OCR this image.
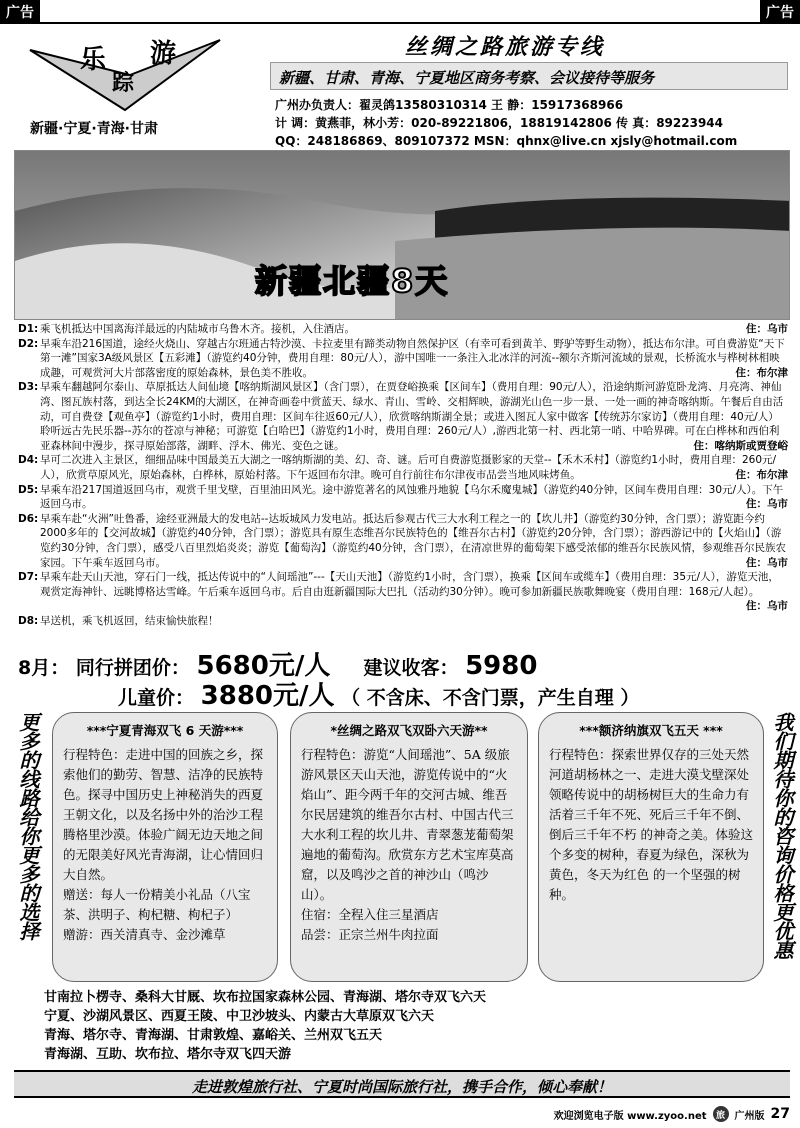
广告	广告
乐
踪
游
新疆·宁夏·青海·甘肃
丝绸之路旅游专线
新疆、甘肃、青海、宁夏地区商务考察、会议接待等服务
广州办负责人：翟灵鸽13580310314 王 静：15917368966
计 调：黄燕菲，林小芳：020-89221806，18819142806 传 真：89223944
QQ：248186869、809107372 MSN：qhnx@live.cn xjsly@hotmail.com
新疆北疆8天
D1: 乘飞机抵达中国离海洋最远的内陆城市乌鲁木齐。接机，入住酒店。	住：乌市
D2: 早乘车沿216国道，途经火烧山、穿越古尔班通古特沙漠、卡拉麦里有蹄类动物自然保护区（有幸可看到黄羊、野驴等野生动物），抵达布尔津。可自费游览“天下第一滩”国家3A级风景区【五彩滩】（游览约40分钟，费用自理：80元/人），游中国唯一一条注入北冰洋的河流--额尔齐斯河流域的景观，长桥流水与桦树林相映成趣，可观赏河大片部落密度的原始森林，景色美不胜收。	住：布尔津
D3: 早乘车翻越阿尔泰山、草原抵达人间仙境【喀纳斯湖风景区】（含门票），在贾登峪换乘【区间车】（费用自理：90元/人），沿途纳斯河游览卧龙湾、月亮湾、神仙湾、图瓦族村落，到达全长24KM的大湖区，在神奇画卷中赏蓝天、绿水、青山、雪岭、交相辉映，游湖光山色一步一景、一处一画的神奇喀纳斯。午餐后自由活动，可自费登【观鱼亭】（游览约1小时，费用自理：区间车往返60元/人），欣赏喀纳斯湖全景；或进入图瓦人家中做客【传统苏尔家访】（费用自理：40元/人）聆听远古先民乐器--苏尔的苍凉与神秘；可游览【白哈巴】（游览约1小时，费用自理：260元/人）,游西北第一村、西北第一哨、中哈界碑。可在白桦林和西伯利亚森林间中漫步，探寻原始部落，湖畔、浮木、佛光、变色之谜。	住：喀纳斯或贾登峪
D4: 早可二次进入主景区，细细品味中国最美五大湖之一喀纳斯湖的美、幻、奇、谜。后可自费游览摄影家的天堂--【禾木禾村】（游览约1小时，费用自理：260元/人），欣赏草原风光，原始森林，白桦林，原始村落。下午返回布尔津。晚可自行前往布尔津夜市品尝当地风味烤鱼。	住：布尔津
D5: 早乘车沿217国道返回乌市，观赏千里戈壁，百里油田风光。途中游览著名的风蚀雅丹地貌【乌尔禾魔鬼城】（游览约40分钟，区间车费用自理：30元/人）。下午返回乌市。	住：乌市
D6: 早乘车赴“火洲”吐鲁番，途经亚洲最大的发电站--达坂城风力发电站。抵达后参观古代三大水利工程之一的【坎儿井】（游览约30分钟，含门票）；游览距今约2000多年的【交河故城】（游览约40分钟，含门票）；游览具有原生态维吾尔民族特色的【维吾尔古村】（游览约20分钟，含门票）；游西游记中的【火焰山】（游览约30分钟，含门票），感受八百里烈焰炎炎；游览【葡萄沟】（游览约40分钟，含门票），在清凉世界的葡萄架下感受浓郁的维吾尔民族风情，参观维吾尔民族农家园。下午乘车返回乌市。	住：乌市
D7: 早乘车赴天山天池，穿石门一线，抵达传说中的“人间瑶池”---【天山天池】（游览约1小时，含门票），换乘【区间车或缆车】（费用自理：35元/人），游览天池，观赏定海神针、远眺博格达雪峰。午后乘车返回乌市。后自由逛新疆国际大巴扎（活动约30分钟）。晚可参加新疆民族歌舞晚宴（费用自理：168元/人起）。
住：乌市
D8: 早送机，乘飞机返回，结束愉快旅程！
8月： 同行拼团价： 5680元/人 建议收客： 5980
儿童价： 3880元/人 （ 不含床、不含门票，产生自理 ）
更多的线路给你更多的选择	我们期待你的咨询价格更优惠
***宁夏青海双飞 6 天游***
行程特色：走进中国的回族之乡，探索他们的勤劳、智慧、洁净的民族特色。探寻中国历史上神秘消失的西夏王朝文化，以及名扬中外的治沙工程腾格里沙漠。体验广阔无边天地之间的无限美好风光青海湖，让心情回归大自然。
赠送：每人一份精美小礼品（八宝茶、洪明子、枸杞糖、枸杞子）
赠游：西关清真寺、金沙滩草
*丝绸之路双飞双卧六天游**
行程特色：游览“人间瑶池”、5A 级旅游风景区天山天池，游览传说中的“火焰山”、距今两千年的交河古城、维吾尔民居建筑的维吾尔古村、中国古代三大水利工程的坎儿井、青翠葱茏葡萄架遍地的葡萄沟。欣赏东方艺术宝库莫高窟，以及鸣沙之首的神沙山（鸣沙山）。
住宿：全程入住三星酒店
品尝：正宗兰州牛肉拉面
***额济纳旗双飞五天 ***
行程特色：探索世界仅存的三处天然河道胡杨林之一、走进大漠戈壁深处领略传说中的胡杨树巨大的生命力有活着三千年不死、死后三千年不倒、倒后三千年不朽 的神奇之美。体验这个多变的树种，春夏为绿色，深秋为黄色，冬天为红色 的一个坚强的树种。
甘南拉卜楞寺、桑科大甘厩、坎布拉国家森林公园、青海湖、塔尔寺双飞六天
宁夏、沙湖风景区、西夏王陵、中卫沙坡头、内蒙古大草原双飞六天
青海、塔尔寺、青海湖、甘肃敦煌、嘉峪关、兰州双飞五天
青海湖、互助、坎布拉、塔尔寺双飞四天游
走进敦煌旅行社、宁夏时尚国际旅行社，携手合作，倾心奉献！
欢迎浏览电子版 www.zyoo.net	旅 广州版 27
